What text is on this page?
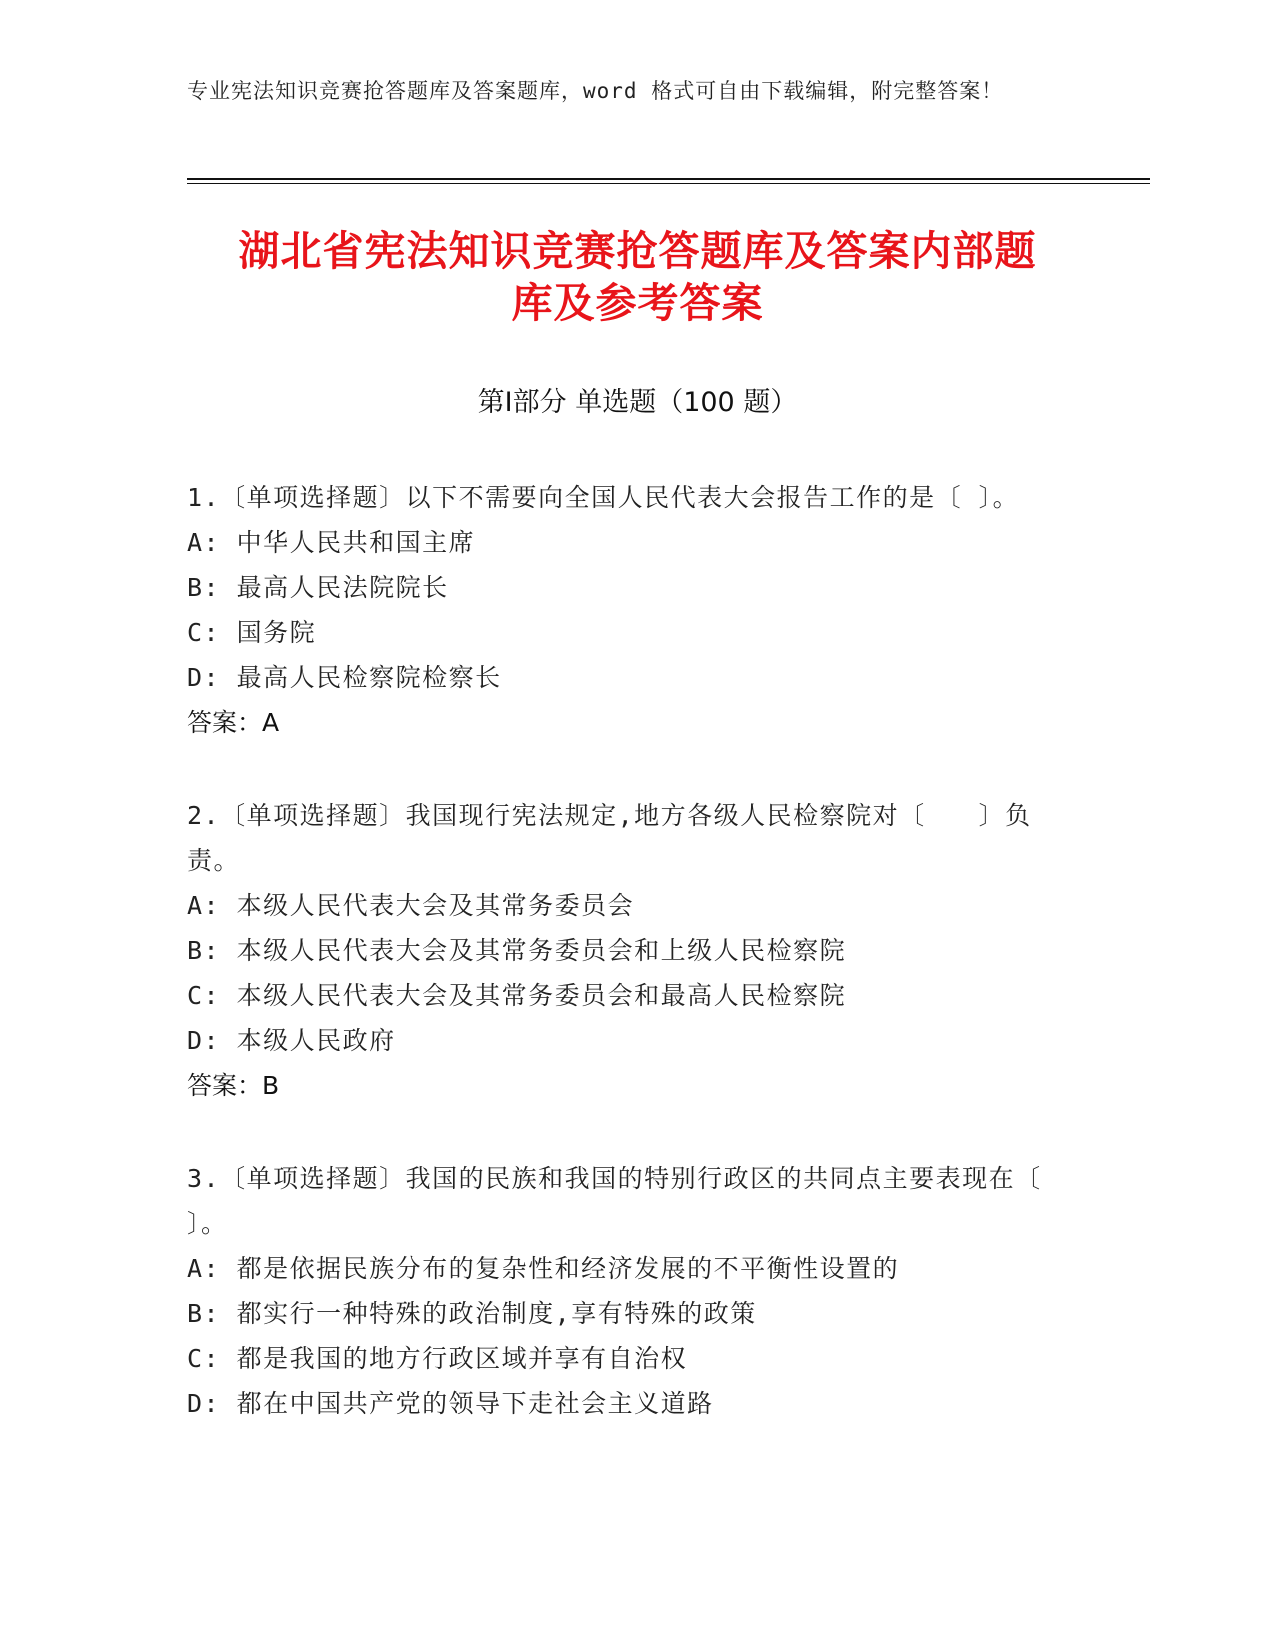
专业宪法知识竞赛抢答题库及答案题库，word 格式可自由下载编辑，附完整答案！
湖北省宪法知识竞赛抢答题库及答案内部题
库及参考答案
第Ⅰ部分 单选题（100 题）

1.〔单项选择题〕以下不需要向全国人民代表大会报告工作的是〔 〕。

A: 中华人民共和国主席

B: 最高人民法院院长

C: 国务院

D: 最高人民检察院检察长

答案：A

2.〔单项选择题〕我国现行宪法规定,地方各级人民检察院对〔　　〕负责。

A: 本级人民代表大会及其常务委员会

B: 本级人民代表大会及其常务委员会和上级人民检察院

C: 本级人民代表大会及其常务委员会和最高人民检察院

D: 本级人民政府

答案：B

3.〔单项选择题〕我国的民族和我国的特别行政区的共同点主要表现在〔　　〕。

A: 都是依据民族分布的复杂性和经济发展的不平衡性设置的

B: 都实行一种特殊的政治制度,享有特殊的政策

C: 都是我国的地方行政区域并享有自治权

D: 都在中国共产党的领导下走社会主义道路
